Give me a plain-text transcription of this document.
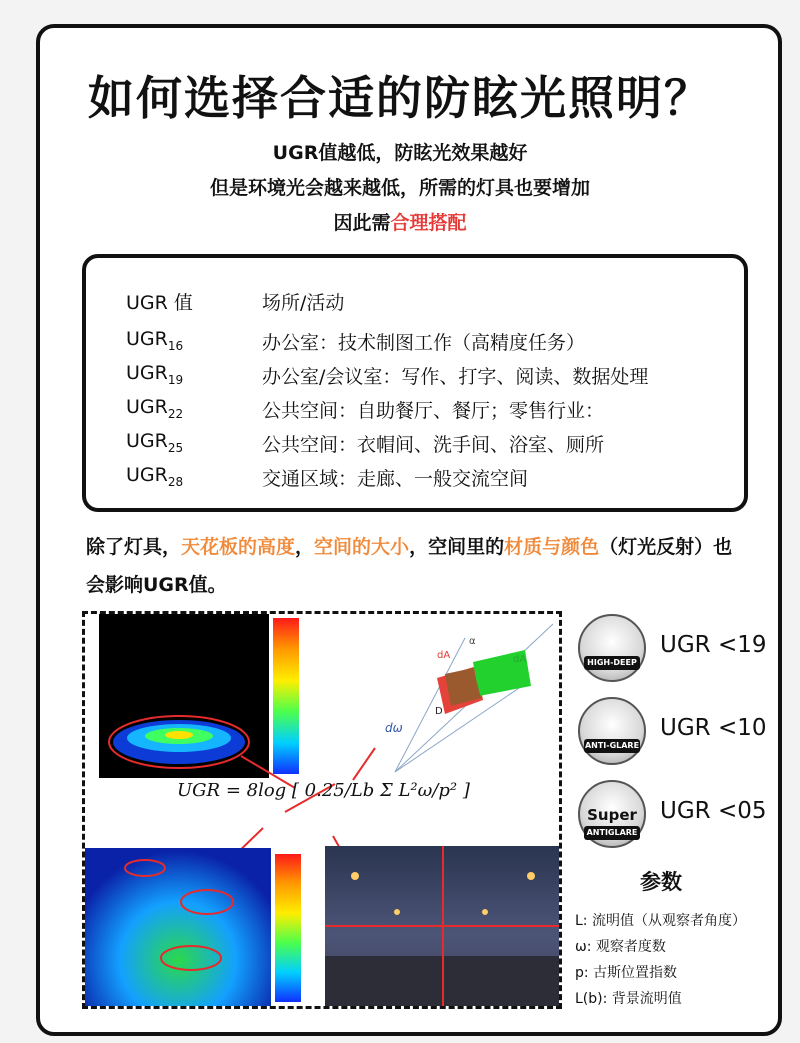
如何选择合适的防眩光照明？
UGR值越低，防眩光效果越好
但是环境光会越来越低，所需的灯具也要增加
因此需合理搭配
UGR 值	场所/活动
$UGR_{16}$	办公室：技术制图工作（高精度任务）
$UGR_{19}$	办公室/会议室：写作、打字、阅读、数据处理
$UGR_{22}$	公共空间：自助餐厅、餐厅；零售行业：
$UGR_{25}$	公共空间：衣帽间、洗手间、浴室、厕所
$UGR_{28}$	交通区域：走廊、一般交流空间

除了灯具，天花板的高度，空间的大小，空间里的材质与颜色（灯光反射）也会影响UGR值。

dω
dA	dA
α
D
UGR = 8log [ 0.25/Lb Σ L²ω/p² ]
HIGH-DEEP
UGR <19
ANTI-GLARE
UGR <10
Super
ANTIGLARE
UGR <05
参数
L: 流明值（从观察者角度）
ω: 观察者度数
p: 古斯位置指数
L(b): 背景流明值
